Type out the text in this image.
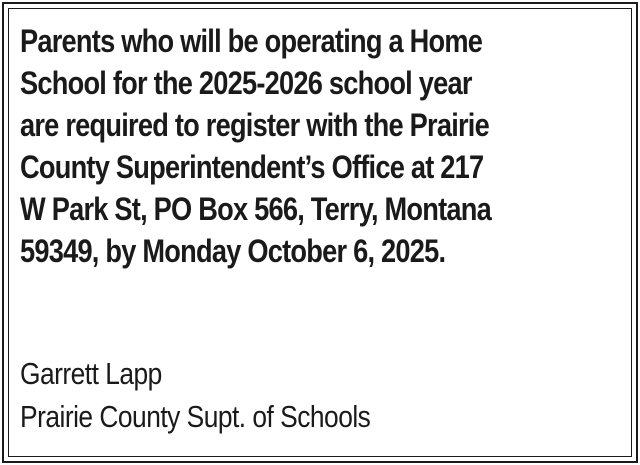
Parents who will be operating a Home
School for the 2025-2026 school year
are required to register with the Prairie
County Superintendent’s Office at 217
W Park St, PO Box 566, Terry, Montana
59349, by Monday October 6, 2025.
Garrett Lapp
Prairie County Supt. of Schools
